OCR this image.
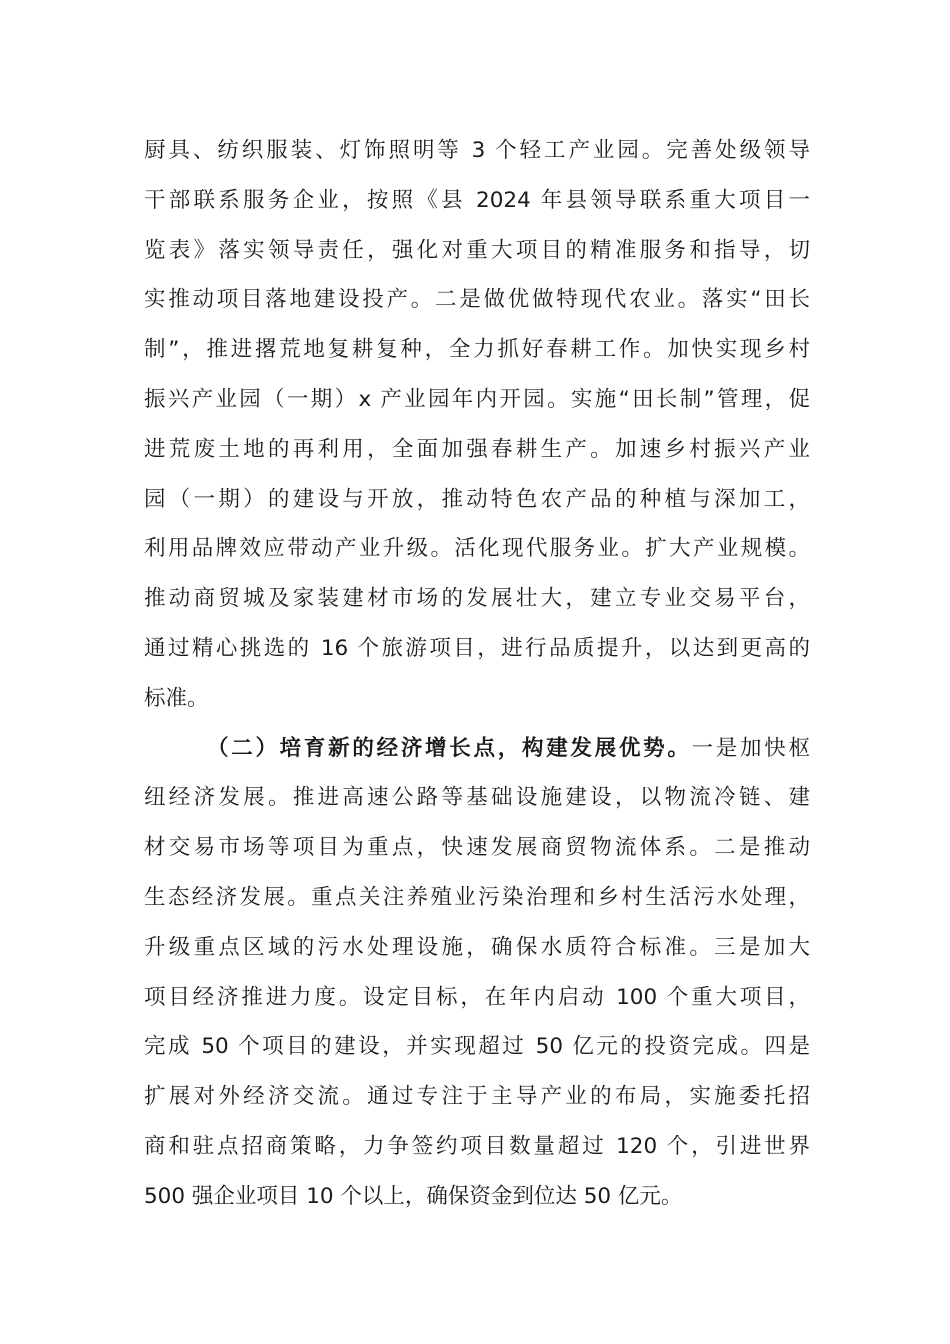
厨具、纺织服装、灯饰照明等 3 个轻工产业园。完善处级领导
干部联系服务企业，按照《县 2024 年县领导联系重大项目一
览表》落实领导责任，强化对重大项目的精准服务和指导，切
实推动项目落地建设投产。二是做优做特现代农业。落实“田长
制”，推进撂荒地复耕复种，全力抓好春耕工作。加快实现乡村
振兴产业园（一期）x 产业园年内开园。实施“田长制”管理，促
进荒废土地的再利用，全面加强春耕生产。加速乡村振兴产业
园（一期）的建设与开放，推动特色农产品的种植与深加工，
利用品牌效应带动产业升级。活化现代服务业。扩大产业规模。
推动商贸城及家装建材市场的发展壮大，建立专业交易平台，
通过精心挑选的 16 个旅游项目，进行品质提升，以达到更高的
标准。
（二）培育新的经济增长点，构建发展优势。一是加快枢
纽经济发展。推进高速公路等基础设施建设，以物流冷链、建
材交易市场等项目为重点，快速发展商贸物流体系。二是推动
生态经济发展。重点关注养殖业污染治理和乡村生活污水处理，
升级重点区域的污水处理设施，确保水质符合标准。三是加大
项目经济推进力度。设定目标，在年内启动 100 个重大项目，
完成 50 个项目的建设，并实现超过 50 亿元的投资完成。四是
扩展对外经济交流。通过专注于主导产业的布局，实施委托招
商和驻点招商策略，力争签约项目数量超过 120 个，引进世界
500 强企业项目 10 个以上，确保资金到位达 50 亿元。
